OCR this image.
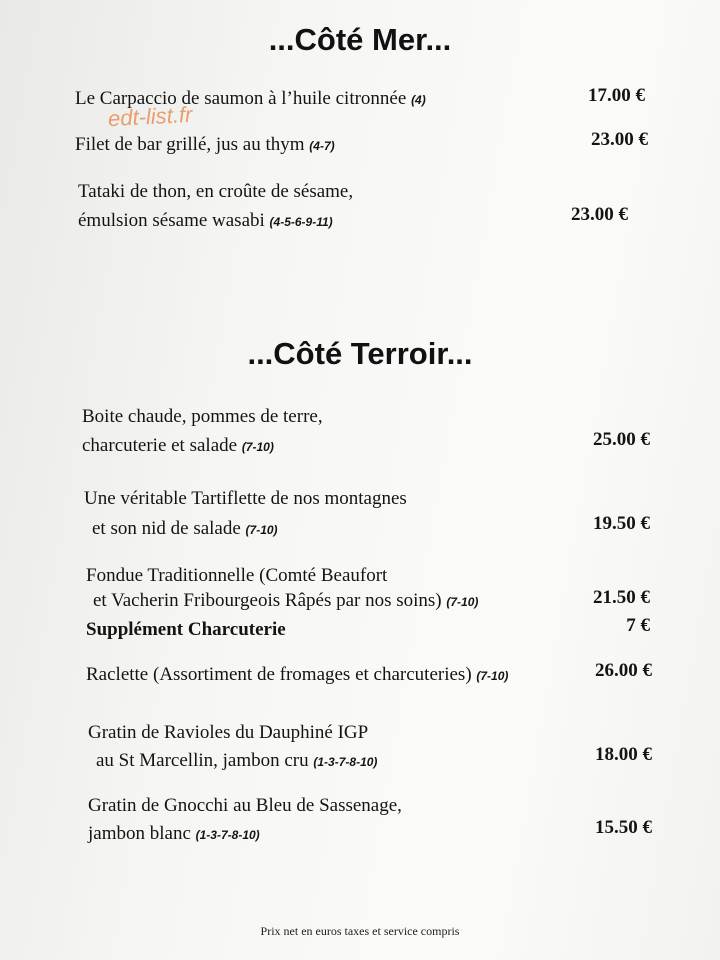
...Côté Mer...
Le Carpaccio de saumon à l’huile citronnée (4)	17.00 €
edt-list.fr
Filet de bar grillé, jus au thym (4-7)	23.00 €
Tataki de thon, en croûte de sésame,
émulsion sésame wasabi (4-5-6-9-11)	23.00 €
...Côté Terroir...
Boite chaude, pommes de terre,
charcuterie et salade (7-10)	25.00 €
Une véritable Tartiflette de nos montagnes
et son nid de salade (7-10)	19.50 €
Fondue Traditionnelle (Comté Beaufort
et Vacherin Fribourgeois Râpés par nos soins) (7-10)	21.50 €
Supplément Charcuterie	7 €
Raclette (Assortiment de fromages et charcuteries) (7-10)	26.00 €
Gratin de Ravioles du Dauphiné IGP
au St Marcellin, jambon cru (1-3-7-8-10)	18.00 €
Gratin de Gnocchi au Bleu de Sassenage,
jambon blanc (1-3-7-8-10)	15.50 €
Prix net en euros taxes et service compris
